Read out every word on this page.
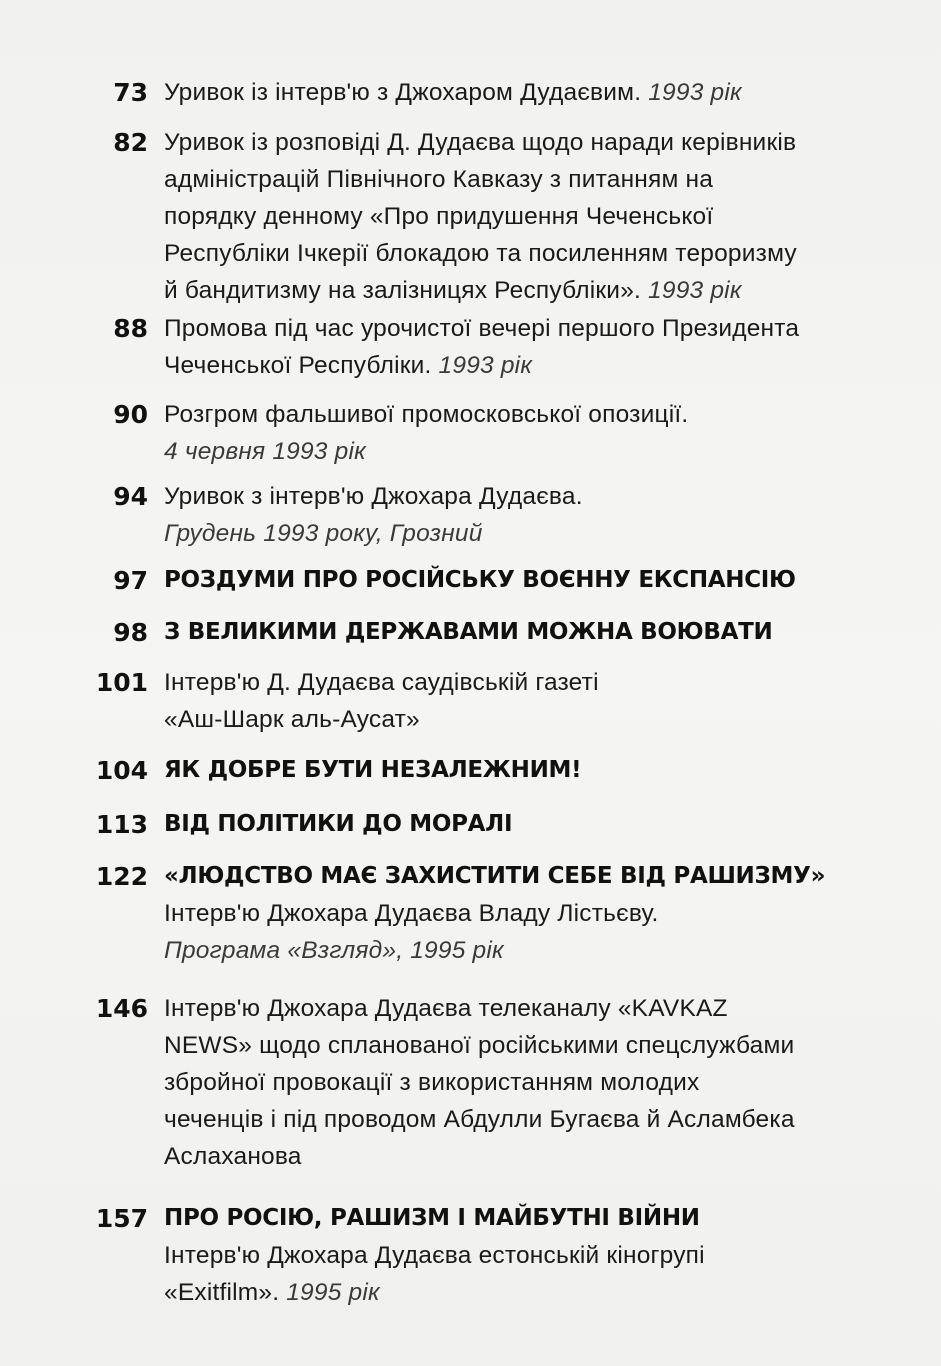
73 Уривок із інтерв'ю з Джохаром Дудаєвим. 1993 рік
82 Уривок із розповіді Д. Дудаєва щодо наради керівників
адміністрацій Північного Кавказу з питанням на
порядку денному «Про придушення Чеченської
Республіки Ічкерії блокадою та посиленням тероризму
й бандитизму на залізницях Республіки». 1993 рік
88 Промова під час урочистої вечері першого Президента
Чеченської Республіки. 1993 рік
90 Розгром фальшивої промосковської опозиції.
4 червня 1993 рік
94 Уривок з інтерв'ю Джохара Дудаєва.
Грудень 1993 року, Грозний
97 РОЗДУМИ ПРО РОСІЙСЬКУ ВОЄННУ ЕКСПАНСІЮ
98 З ВЕЛИКИМИ ДЕРЖАВАМИ МОЖНА ВОЮВАТИ
101 Інтерв'ю Д. Дудаєва саудівській газеті
«Аш-Шарк аль-Аусат»
104 ЯК ДОБРЕ БУТИ НЕЗАЛЕЖНИМ!
113 ВІД ПОЛІТИКИ ДО МОРАЛІ
122 «ЛЮДСТВО МАЄ ЗАХИСТИТИ СЕБЕ ВІД РАШИЗМУ»
Інтерв'ю Джохара Дудаєва Владу Лістьєву.
Програма «Взгляд», 1995 рік
146 Інтерв'ю Джохара Дудаєва телеканалу «KAVKAZ
NEWS» щодо спланованої російськими спецслужбами
збройної провокації з використанням молодих
чеченців і під проводом Абдулли Бугаєва й Асламбека
Аслаханова
157 ПРО РОСІЮ, РАШИЗМ І МАЙБУТНІ ВІЙНИ
Інтерв'ю Джохара Дудаєва естонській кіногрупі
«Exitfilm». 1995 рік
